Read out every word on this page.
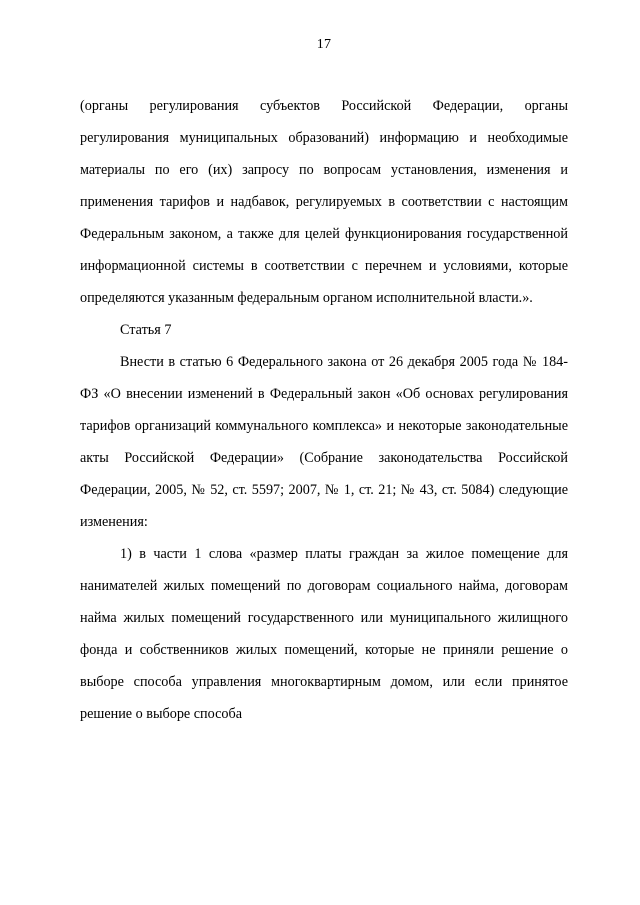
17

(органы регулирования субъектов Российской Федерации, органы регулирования муниципальных образований) информацию и необходимые материалы по его (их) запросу по вопросам установления, изменения и применения тарифов и надбавок, регулируемых в соответствии с настоящим Федеральным законом, а также для целей функционирования государственной информационной системы в соответствии с перечнем и условиями, которые определяются указанным федеральным органом исполнительной власти.».

Статья 7

Внести в статью 6 Федерального закона от 26 декабря 2005 года № 184-ФЗ «О внесении изменений в Федеральный закон «Об основах регулирования тарифов организаций коммунального комплекса» и некоторые законодательные акты Российской Федерации» (Собрание законодательства Российской Федерации, 2005, № 52, ст. 5597; 2007, № 1, ст. 21; № 43, ст. 5084) следующие изменения:

1) в части 1 слова «размер платы граждан за жилое помещение для нанимателей жилых помещений по договорам социального найма, договорам найма жилых помещений государственного или муниципального жилищного фонда и собственников жилых помещений, которые не приняли решение о выборе способа управления многоквартирным домом, или если принятое решение о выборе способа
